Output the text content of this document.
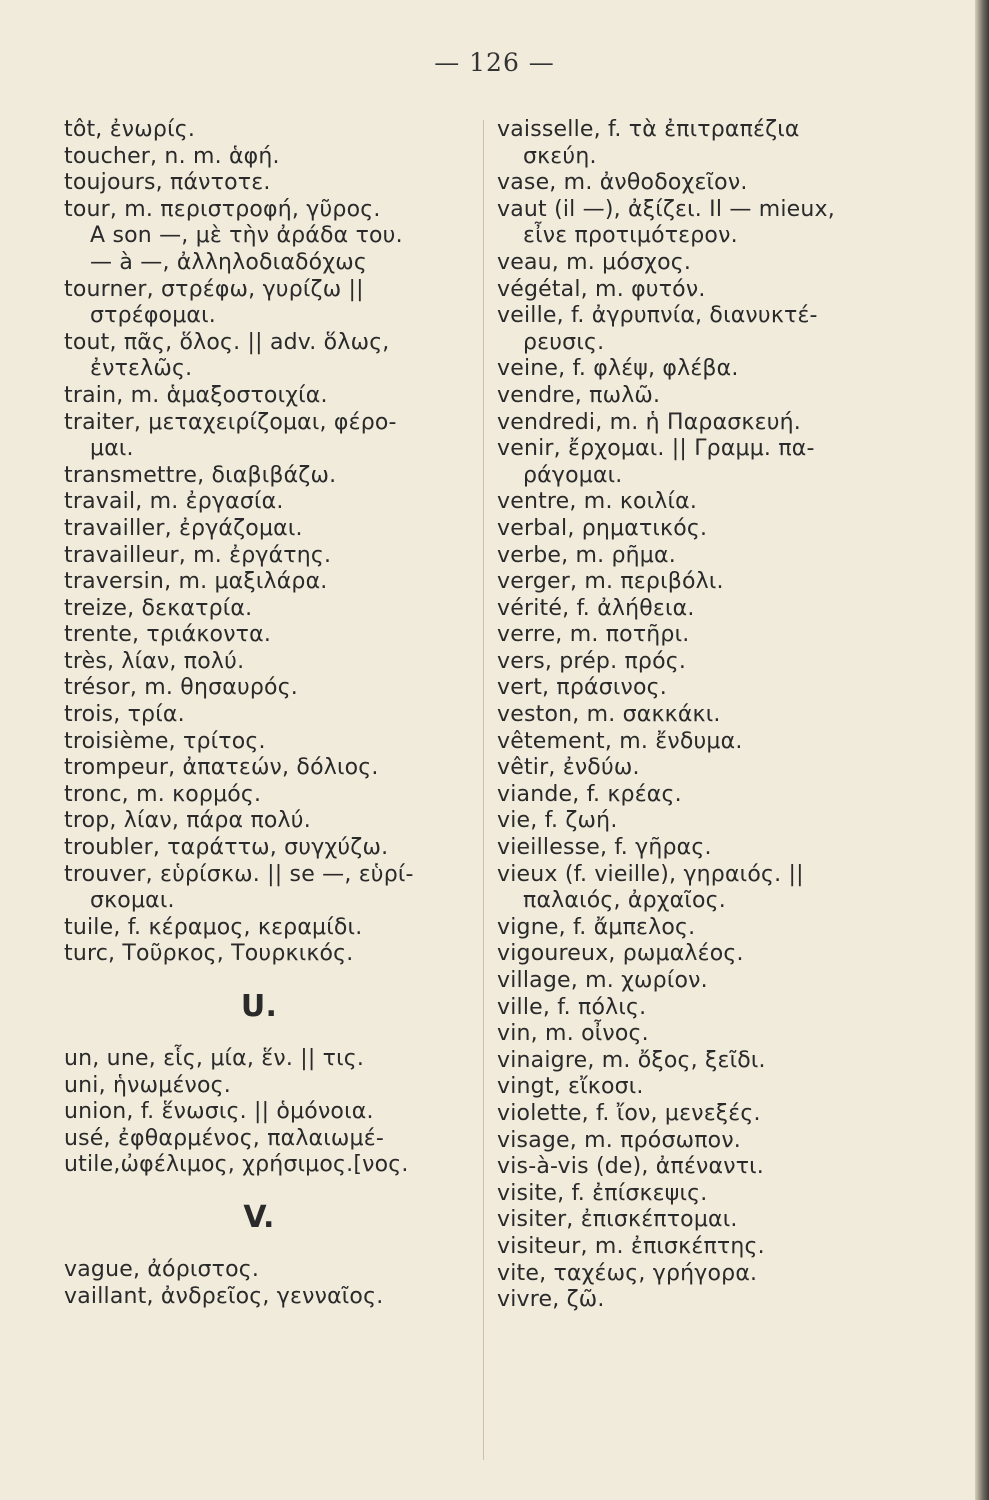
— 126 —
tôt, ἐνωρίς.
toucher, n. m. ἁφή.
toujours, πάντοτε.
tour, m. περιστροφή, γῦρος.
A son —, μὲ τὴν ἀράδα του.
— à —, ἀλληλοδιαδόχως
tourner, στρέφω, γυρίζω ||
στρέφομαι.
tout, πᾶς, ὅλος. || adv. ὅλως,
ἐντελῶς.
train, m. ἁμαξοστοιχία.
traiter, μεταχειρίζομαι, φέρο-
μαι.
transmettre, διαβιβάζω.
travail, m. ἐργασία.
travailler, ἐργάζομαι.
travailleur, m. ἐργάτης.
traversin, m. μαξιλάρα.
treize, δεκατρία.
trente, τριάκοντα.
très, λίαν, πολύ.
trésor, m. θησαυρός.
trois, τρία.
troisième, τρίτος.
trompeur, ἀπατεών, δόλιος.
tronc, m. κορμός.
trop, λίαν, πάρα πολύ.
troubler, ταράττω, συγχύζω.
trouver, εὑρίσκω. || se —, εὑρί-
σκομαι.
tuile, f. κέραμος, κεραμίδι.
turc, Τοῦρκος, Τουρκικός.
U.
un, une, εἷς, μία, ἕν. || τις.
uni, ἡνωμένος.
union, f. ἕνωσις. || ὁμόνοια.
usé, ἐφθαρμένος, παλαιωμέ-
utile,ὠφέλιμος, χρήσιμος.[νος.
V.
vague, ἀόριστος.
vaillant, ἀνδρεῖος, γενναῖος.
vaisselle, f. τὰ ἐπιτραπέζια
σκεύη.
vase, m. ἀνθοδοχεῖον.
vaut (il —), ἀξίζει. Il — mieux,
εἶνε προτιμότερον.
veau, m. μόσχος.
végétal, m. φυτόν.
veille, f. ἀγρυπνία, διανυκτέ-
ρευσις.
veine, f. φλέψ, φλέβα.
vendre, πωλῶ.
vendredi, m. ἡ Παρασκευή.
venir, ἔρχομαι. || Γραμμ. πα-
ράγομαι.
ventre, m. κοιλία.
verbal, ρηματικός.
verbe, m. ρῆμα.
verger, m. περιβόλι.
vérité, f. ἀλήθεια.
verre, m. ποτῆρι.
vers, prép. πρός.
vert, πράσινος.
veston, m. σακκάκι.
vêtement, m. ἔνδυμα.
vêtir, ἐνδύω.
viande, f. κρέας.
vie, f. ζωή.
vieillesse, f. γῆρας.
vieux (f. vieille), γηραιός. ||
παλαιός, ἀρχαῖος.
vigne, f. ἄμπελος.
vigoureux, ρωμαλέος.
village, m. χωρίον.
ville, f. πόλις.
vin, m. οἶνος.
vinaigre, m. ὄξος, ξεῖδι.
vingt, εἴκοσι.
violette, f. ἴον, μενεξές.
visage, m. πρόσωπον.
vis-à-vis (de), ἀπέναντι.
visite, f. ἐπίσκεψις.
visiter, ἐπισκέπτομαι.
visiteur, m. ἐπισκέπτης.
vite, ταχέως, γρήγορα.
vivre, ζῶ.
